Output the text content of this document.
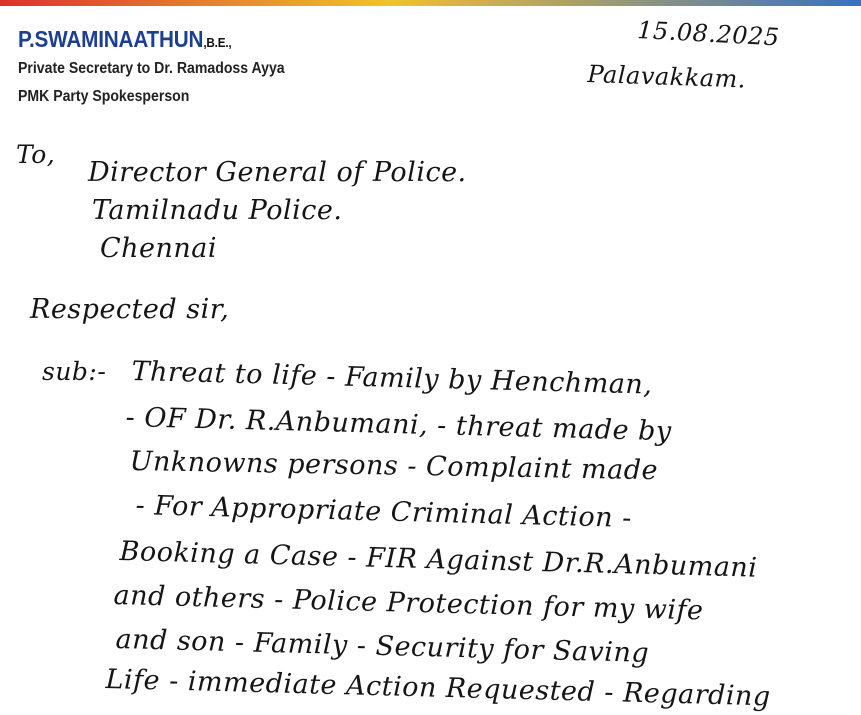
P.SWAMINAATHUN,B.E.,
Private Secretary to Dr. Ramadoss Ayya
PMK Party Spokesperson
15.08.2025
Palavakkam.
To,
Director General of Police.
Tamilnadu Police.
Chennai
Respected sir,
sub:- Threat to life - Family by Henchman,
- OF Dr. R.Anbumani, - threat made by
Unknowns persons - Complaint made
- For Appropriate Criminal Action -
Booking a Case - FIR Against Dr.R.Anbumani
and others - Police Protection for my wife
and son - Family - Security for Saving
Life - immediate Action Requested - Regarding
